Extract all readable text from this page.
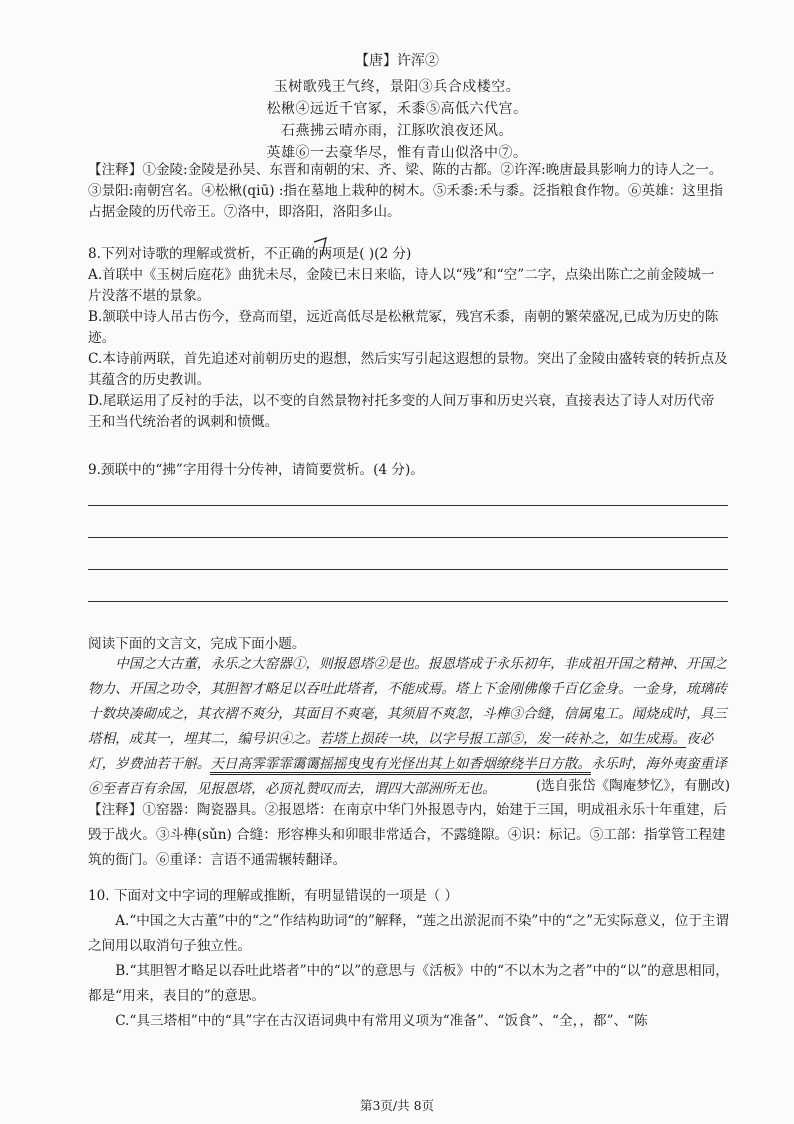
【唐】许浑②
玉树歌残王气终，景阳③兵合戍楼空。
松楸④远近千官冢，禾黍⑤高低六代宫。
石燕拂云晴亦雨，江豚吹浪夜还风。
英雄⑥一去豪华尽，惟有青山似洛中⑦。
【注释】①金陵:金陵是孙吴、东晋和南朝的宋、齐、梁、陈的古都。②许浑:晚唐最具影响力的诗人之一。③景阳:南朝宫名。④松楸(qiū) :指在墓地上栽种的树木。⑤禾黍:禾与黍。泛指粮食作物。⑥英雄：这里指占据金陵的历代帝王。⑦洛中，即洛阳，洛阳多山。
8.下列对诗歌的理解或赏析，不正确的两项是( )(2 分)
A.首联中《玉树后庭花》曲犹未尽，金陵已末日来临，诗人以“残”和“空”二字，点染出陈亡之前金陵城一片没落不堪的景象。
B.颔联中诗人吊古伤今，登高而望，远近高低尽是松楸荒冢，残宫禾黍，南朝的繁荣盛况,已成为历史的陈迹。
C.本诗前两联，首先追述对前朝历史的遐想，然后实写引起这遐想的景物。突出了金陵由盛转衰的转折点及其蕴含的历史教训。
D.尾联运用了反衬的手法，以不变的自然景物衬托多变的人间万事和历史兴衰，直接表达了诗人对历代帝王和当代统治者的讽刺和愤慨。
9.颈联中的“拂”字用得十分传神，请简要赏析。(4 分)。
阅读下面的文言文，完成下面小题。

中国之大古董，永乐之大窑器①，则报恩塔②是也。报恩塔成于永乐初年，非成祖开国之精神、开国之物力、开国之功令，其胆智才略足以吞吐此塔者，不能成焉。塔上下金刚佛像千百亿金身。一金身，琉璃砖十数块凑砌成之，其衣褶不爽分，其面目不爽毫，其须眉不爽忽，斗榫③合缝，信属鬼工。闻烧成时，具三塔相，成其一，埋其二，编号识④之。若塔上损砖一块，以字号报工部⑤，发一砖补之，如生成焉。夜必灯，岁费油若干斛。天日高霁霏霏霭霭摇摇曳曳有光怪出其上如香烟缭绕半日方散。永乐时，海外夷蛮重译⑥至者百有余国，见报恩塔，必顶礼赞叹而去，谓四大部洲所无也。	(选自张岱《陶庵梦忆》，有删改)
【注释】①窑器：陶瓷器具。②报恩塔：在南京中华门外报恩寺内，始建于三国，明成祖永乐十年重建，后毁于战火。③斗榫(sǔn) 合缝：形容榫头和卯眼非常适合，不露缝隙。④识：标记。⑤工部：指掌管工程建筑的衙门。⑥重译：言语不通需辗转翻译。

10. 下面对文中字词的理解或推断，有明显错误的一项是（ ）

A.“中国之大古董”中的“之”作结构助词“的”解释，“莲之出淤泥而不染”中的“之”无实际意义，位于主谓之间用以取消句子独立性。

B.“其胆智才略足以吞吐此塔者”中的“以”的意思与《活板》中的“不以木为之者”中的“以”的意思相同，都是“用来，表目的”的意思。

C.“具三塔相”中的“具”字在古汉语词典中有常用义项为“准备”、“饭食”、“全，，都”、“陈

第3页/共 8页
